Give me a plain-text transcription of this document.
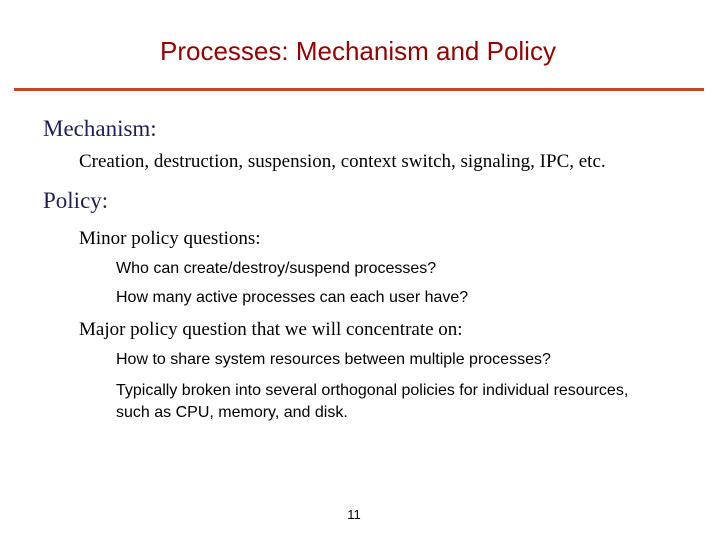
Processes: Mechanism and Policy
Mechanism:
Creation, destruction, suspension, context switch, signaling, IPC, etc.
Policy:
Minor policy questions:
Who can create/destroy/suspend processes?
How many active processes can each user have?
Major policy question that we will concentrate on:
How to share system resources between multiple processes?
Typically broken into several orthogonal policies for individual resources, such as CPU, memory, and disk.
11
